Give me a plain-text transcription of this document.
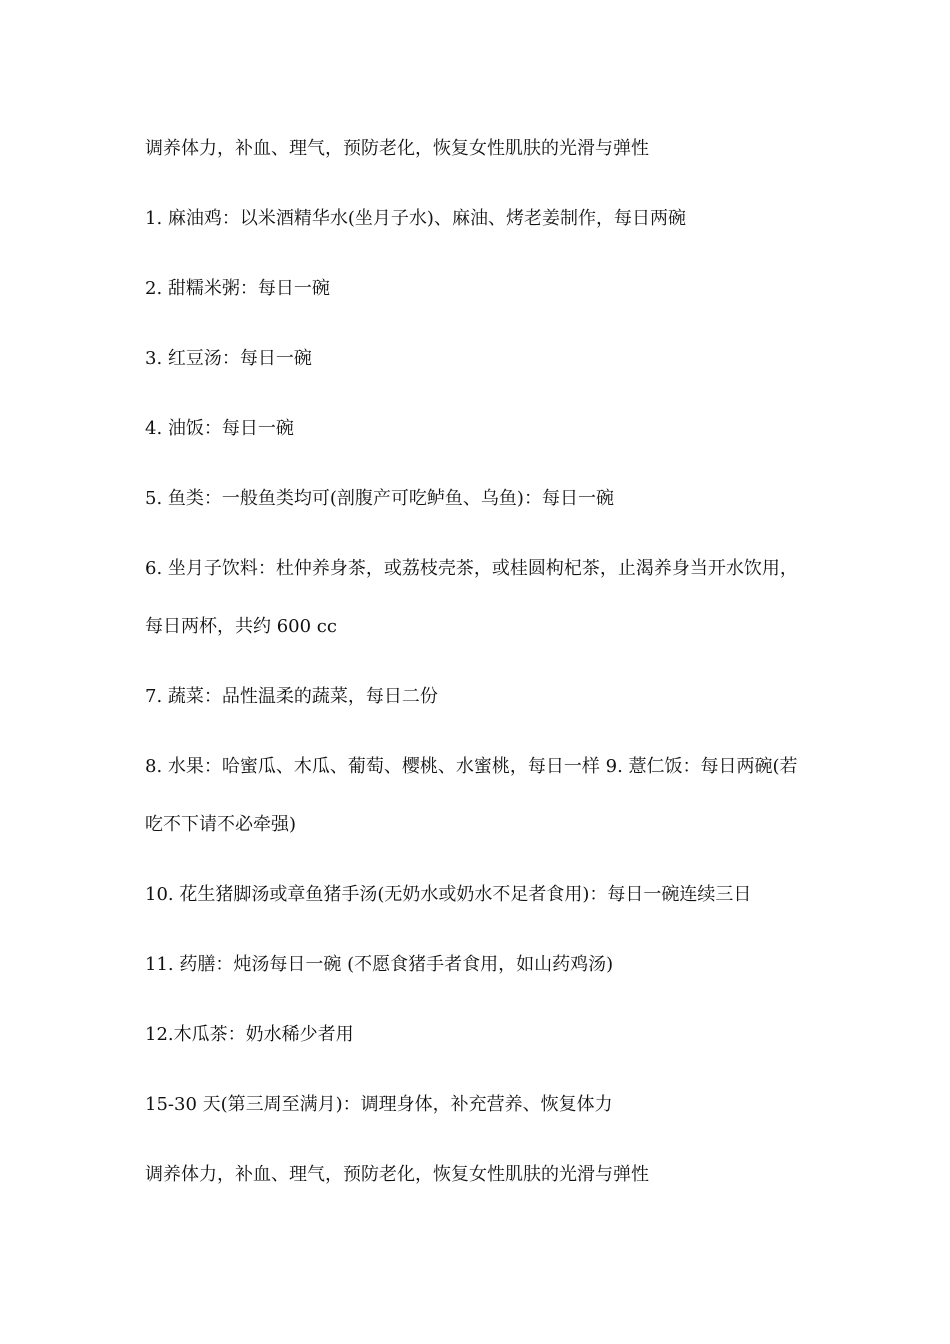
调养体力，补血、理气，预防老化，恢复女性肌肤的光滑与弹性

1. 麻油鸡：以米酒精华水(坐月子水)、麻油、烤老姜制作，每日两碗

2. 甜糯米粥：每日一碗

3. 红豆汤：每日一碗

4. 油饭：每日一碗

5. 鱼类：一般鱼类均可(剖腹产可吃鲈鱼、乌鱼)：每日一碗

6. 坐月子饮料：杜仲养身茶，或荔枝壳茶，或桂圆枸杞茶，止渴养身当开水饮用，每日两杯，共约 600 cc

7. 蔬菜：品性温柔的蔬菜，每日二份

8. 水果：哈蜜瓜、木瓜、葡萄、樱桃、水蜜桃，每日一样 9. 薏仁饭：每日两碗(若吃不下请不必牵强)

10. 花生猪脚汤或章鱼猪手汤(无奶水或奶水不足者食用)：每日一碗连续三日

11. 药膳：炖汤每日一碗 (不愿食猪手者食用，如山药鸡汤)

12.木瓜茶：奶水稀少者用

15-30 天(第三周至满月)：调理身体，补充营养、恢复体力

调养体力，补血、理气，预防老化，恢复女性肌肤的光滑与弹性
